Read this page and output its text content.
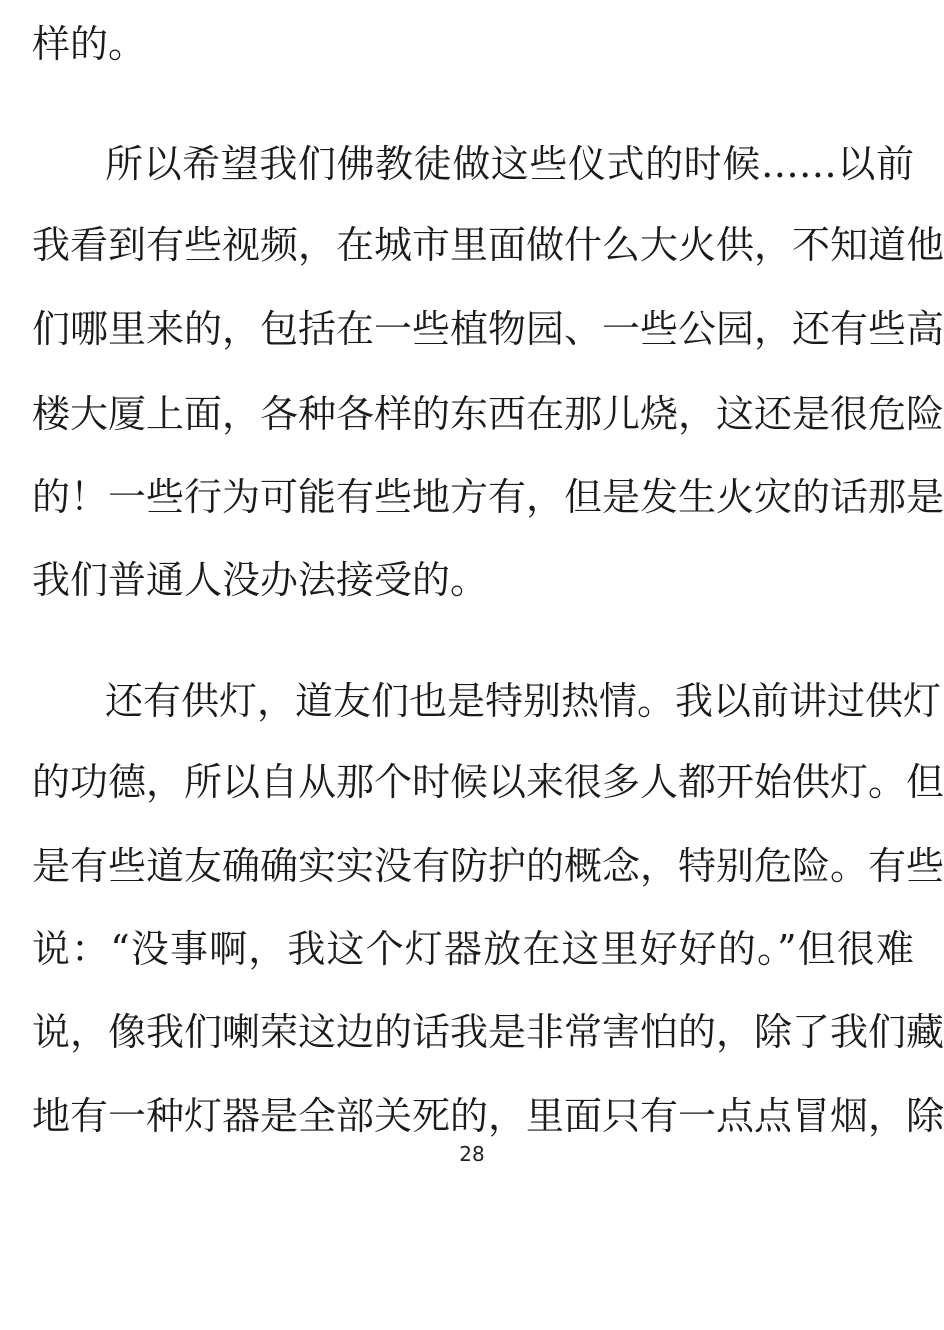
样的。
所以希望我们佛教徒做这些仪式的时候……以前
我看到有些视频，在城市里面做什么大火供，不知道他
们哪里来的，包括在一些植物园、一些公园，还有些高
楼大厦上面，各种各样的东西在那儿烧，这还是很危险
的！一些行为可能有些地方有，但是发生火灾的话那是
我们普通人没办法接受的。
还有供灯，道友们也是特别热情。我以前讲过供灯
的功德，所以自从那个时候以来很多人都开始供灯。但
是有些道友确确实实没有防护的概念，特别危险。有些
说：“没事啊，我这个灯器放在这里好好的。”但很难
说，像我们喇荣这边的话我是非常害怕的，除了我们藏
地有一种灯器是全部关死的，里面只有一点点冒烟，除
28
